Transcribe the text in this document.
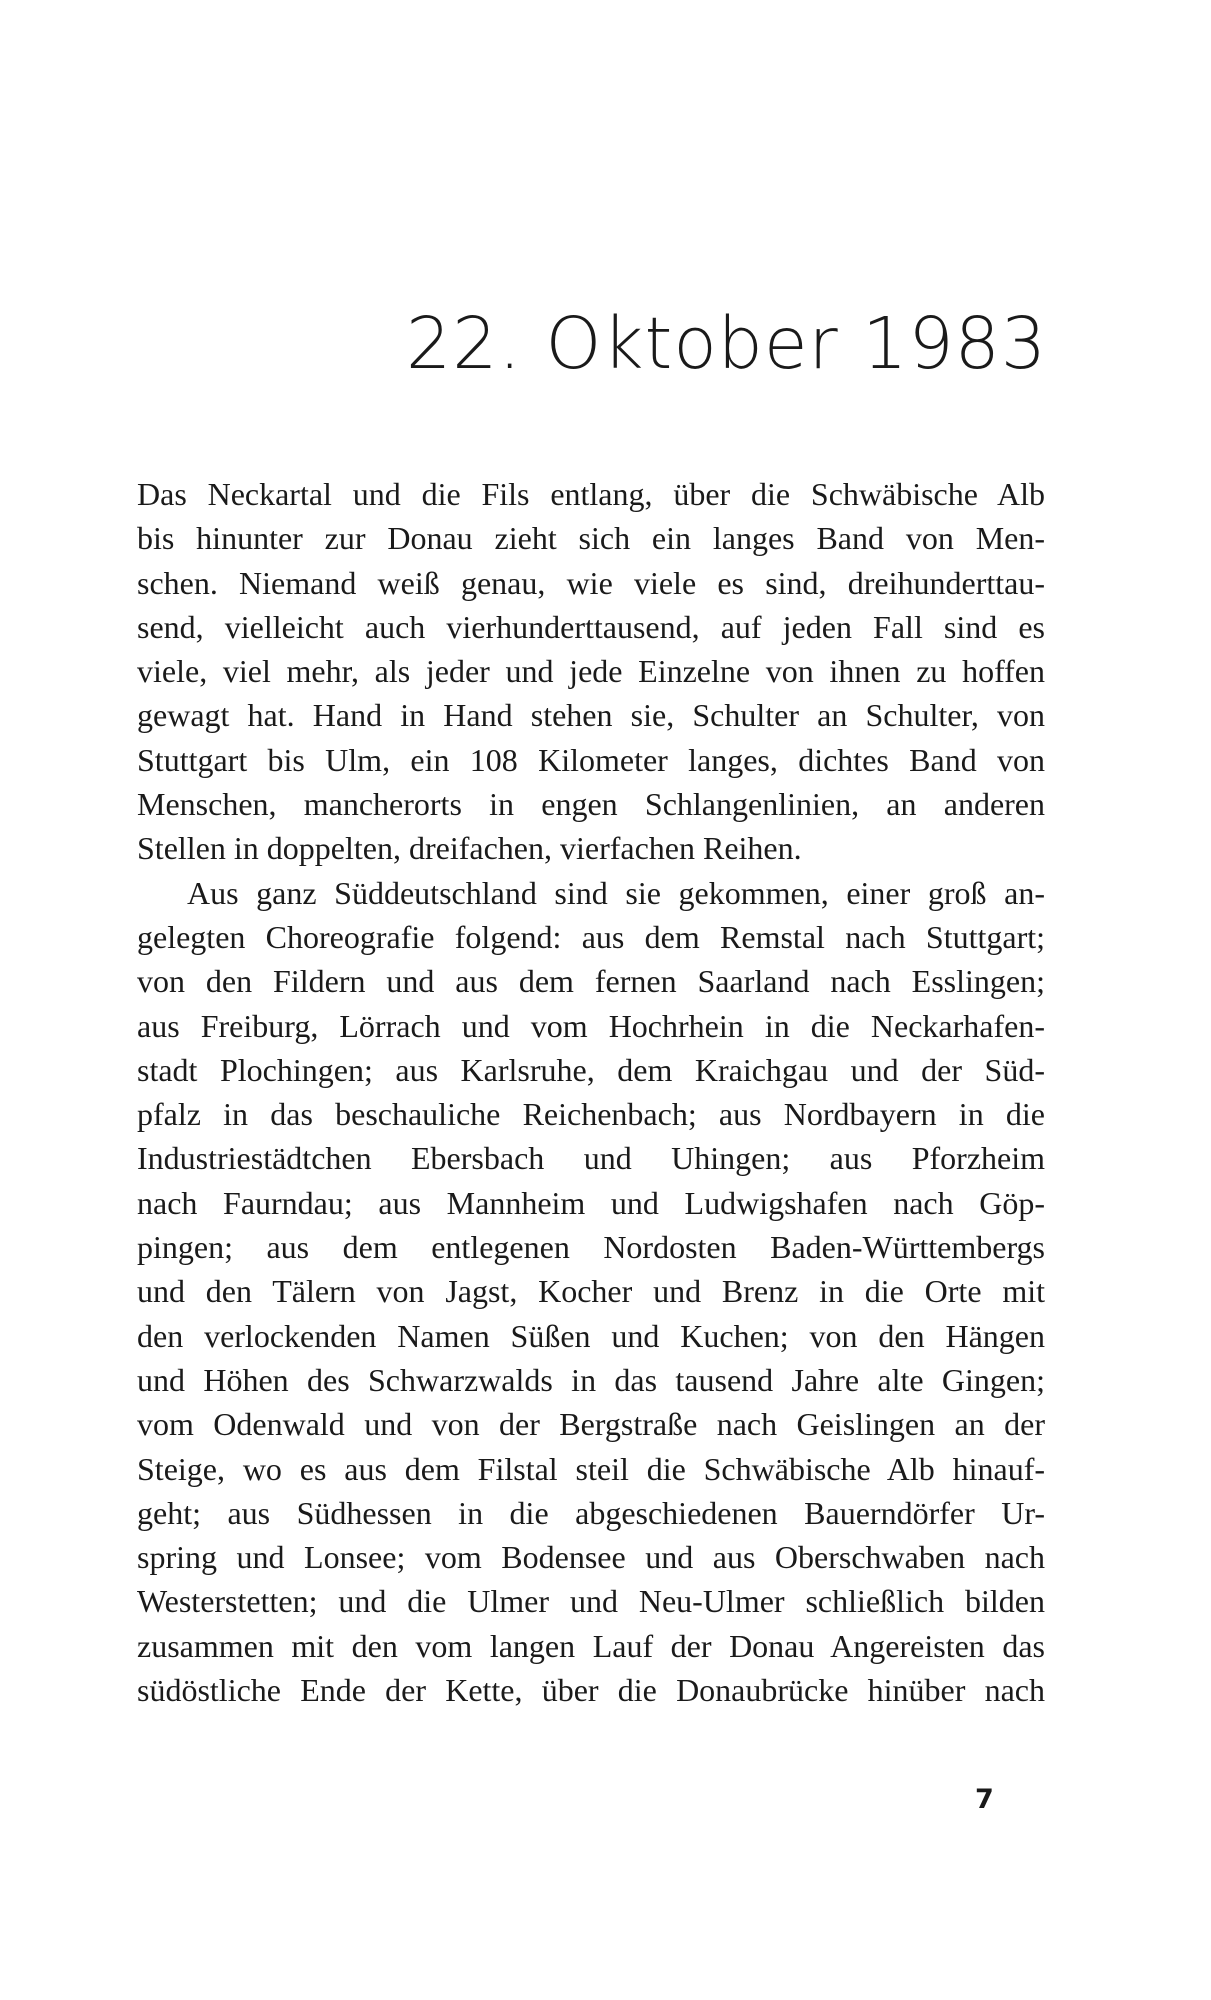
22. Oktober 1983
Das Neckartal und die Fils entlang, über die Schwäbische Alb
bis hinunter zur Donau zieht sich ein langes Band von Men-
schen. Niemand weiß genau, wie viele es sind, dreihunderttau-
send, vielleicht auch vierhunderttausend, auf jeden Fall sind es
viele, viel mehr, als jeder und jede Einzelne von ihnen zu hoffen
gewagt hat. Hand in Hand stehen sie, Schulter an Schulter, von
Stuttgart bis Ulm, ein 108 Kilometer langes, dichtes Band von
Menschen, mancherorts in engen Schlangenlinien, an anderen
Stellen in doppelten, dreifachen, vierfachen Reihen.
Aus ganz Süddeutschland sind sie gekommen, einer groß an-
gelegten Choreografie folgend: aus dem Remstal nach Stuttgart;
von den Fildern und aus dem fernen Saarland nach Esslingen;
aus Freiburg, Lörrach und vom Hochrhein in die Neckarhafen-
stadt Plochingen; aus Karlsruhe, dem Kraichgau und der Süd-
pfalz in das beschauliche Reichenbach; aus Nordbayern in die
Industriestädtchen Ebersbach und Uhingen; aus Pforzheim
nach Faurndau; aus Mannheim und Ludwigshafen nach Göp-
pingen; aus dem entlegenen Nordosten Baden-Württembergs
und den Tälern von Jagst, Kocher und Brenz in die Orte mit
den verlockenden Namen Süßen und Kuchen; von den Hängen
und Höhen des Schwarzwalds in das tausend Jahre alte Gingen;
vom Odenwald und von der Bergstraße nach Geislingen an der
Steige, wo es aus dem Filstal steil die Schwäbische Alb hinauf-
geht; aus Südhessen in die abgeschiedenen Bauerndörfer Ur-
spring und Lonsee; vom Bodensee und aus Oberschwaben nach
Westerstetten; und die Ulmer und Neu-Ulmer schließlich bilden
zusammen mit den vom langen Lauf der Donau Angereisten das
südöstliche Ende der Kette, über die Donaubrücke hinüber nach
7
